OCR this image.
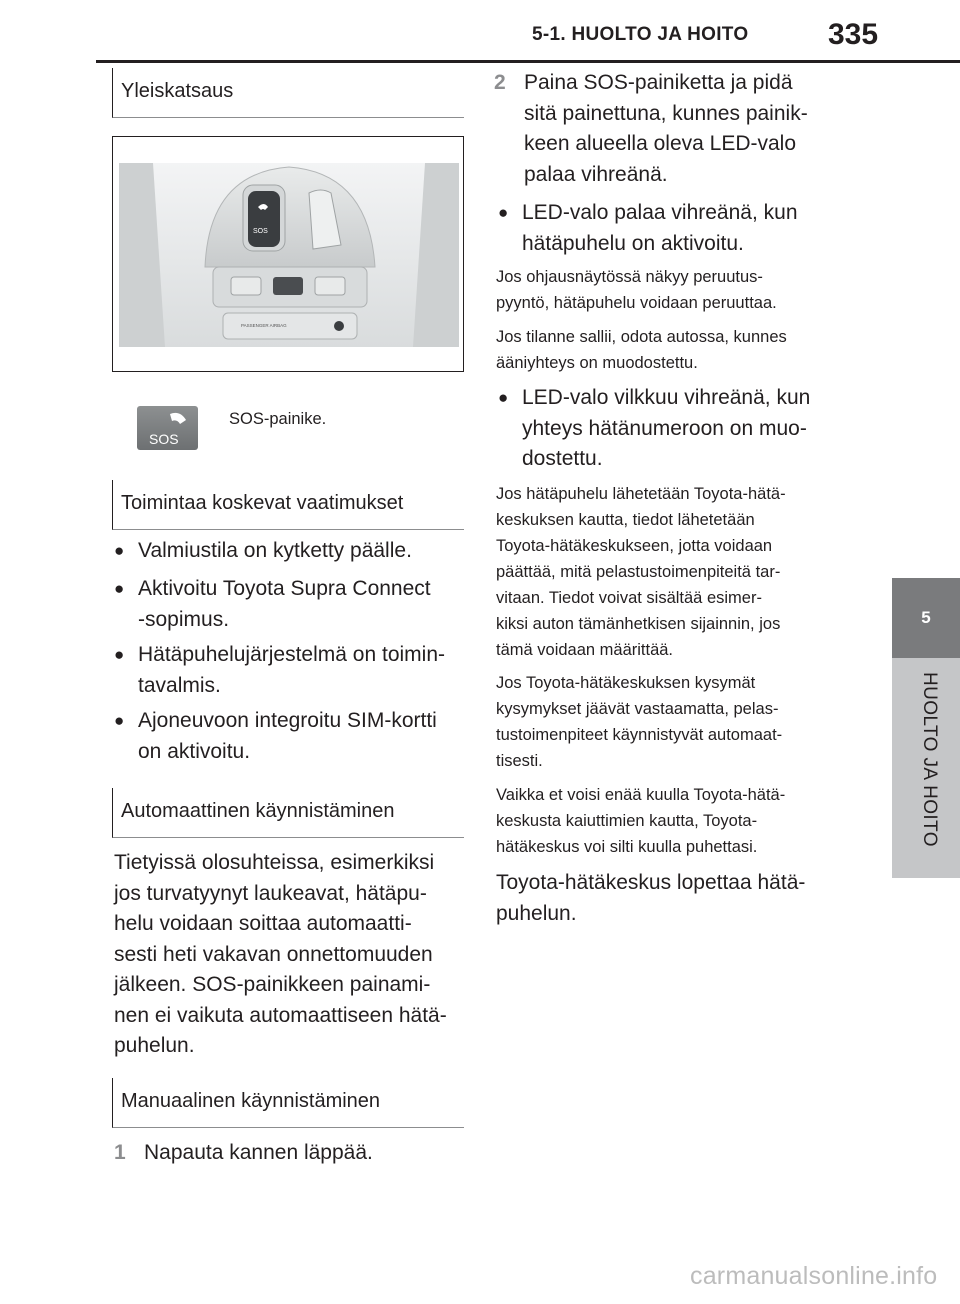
5-1. HUOLTO JA HOITO	335
5
HUOLTO JA HOITO
Yleiskatsaus
SOS
PASSENGER AIRBAG
SOS
SOS-painike.
Toimintaa koskevat vaatimukset
● Valmiustila on kytketty päälle.
● Aktivoitu Toyota Supra Connect
-sopimus.
● Hätäpuhelujärjestelmä on toimin-
tavalmis.
● Ajoneuvoon integroitu SIM-kortti
on aktivoitu.
Automaattinen käynnistäminen
Tietyissä olosuhteissa, esimerkiksi
jos turvatyynyt laukeavat, hätäpu-
helu voidaan soittaa automaatti-
sesti heti vakavan onnettomuuden
jälkeen. SOS-painikkeen painami-
nen ei vaikuta automaattiseen hätä-
puhelun.
Manuaalinen käynnistäminen
1 Napauta kannen läppää.
2 Paina SOS-painiketta ja pidä
sitä painettuna, kunnes painik-
keen alueella oleva LED-valo
palaa vihreänä.
● LED-valo palaa vihreänä, kun
hätäpuhelu on aktivoitu.
Jos ohjausnäytössä näkyy peruutus-
pyyntö, hätäpuhelu voidaan peruuttaa.
Jos tilanne sallii, odota autossa, kunnes
ääniyhteys on muodostettu.
● LED-valo vilkkuu vihreänä, kun
yhteys hätänumeroon on muo-
dostettu.
Jos hätäpuhelu lähetetään Toyota-hätä-
keskuksen kautta, tiedot lähetetään
Toyota-hätäkeskukseen, jotta voidaan
päättää, mitä pelastustoimenpiteitä tar-
vitaan. Tiedot voivat sisältää esimer-
kiksi auton tämänhetkisen sijainnin, jos
tämä voidaan määrittää.
Jos Toyota-hätäkeskuksen kysymät
kysymykset jäävät vastaamatta, pelas-
tustoimenpiteet käynnistyvät automaat-
tisesti.
Vaikka et voisi enää kuulla Toyota-hätä-
keskusta kaiuttimien kautta, Toyota-
hätäkeskus voi silti kuulla puhettasi.
Toyota-hätäkeskus lopettaa hätä-
puhelun.
carmanualsonline.info
